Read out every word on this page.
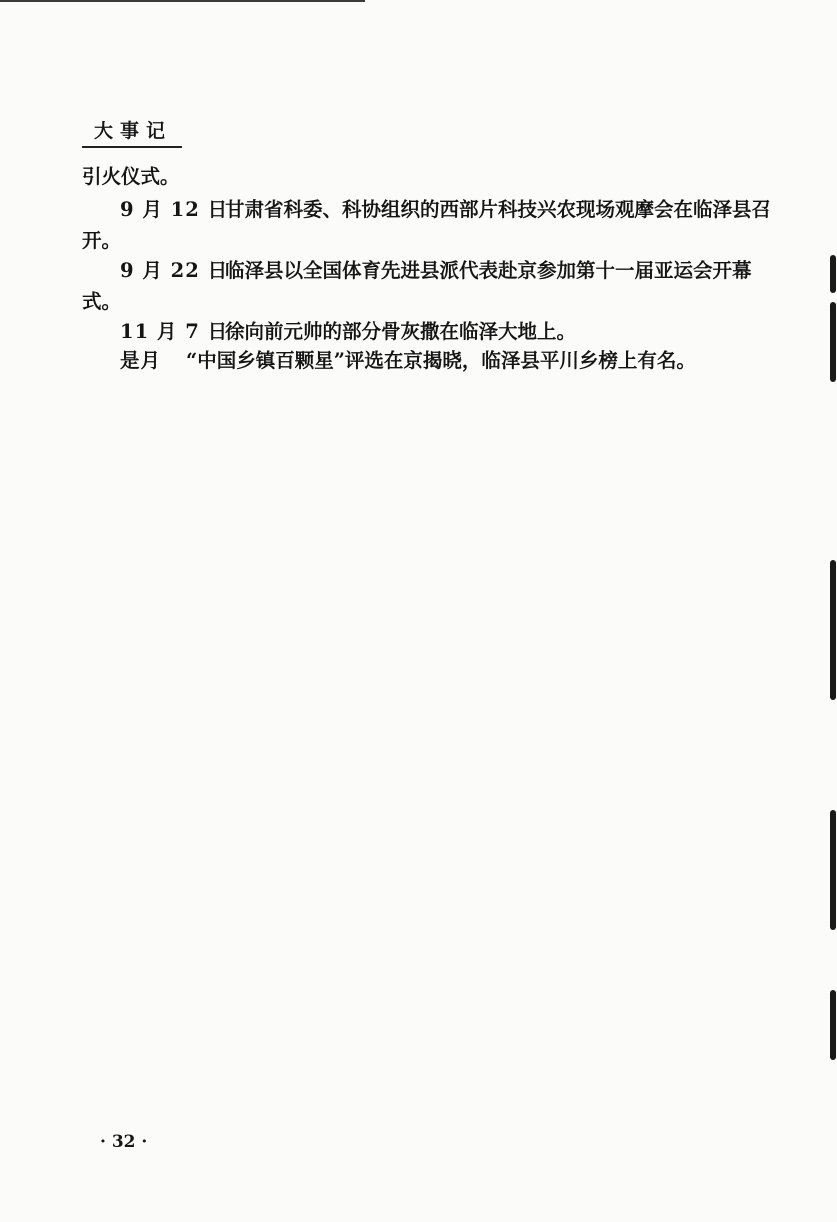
大事记
引火仪式。
9 月 12 日甘肃省科委、科协组织的西部片科技兴农现场观摩会在临泽县召
开。
9 月 22 日临泽县以全国体育先进县派代表赴京参加第十一届亚运会开幕
式。
11 月 7 日徐向前元帅的部分骨灰撒在临泽大地上。
是月 “中国乡镇百颗星”评选在京揭晓，临泽县平川乡榜上有名。
· 32 ·
